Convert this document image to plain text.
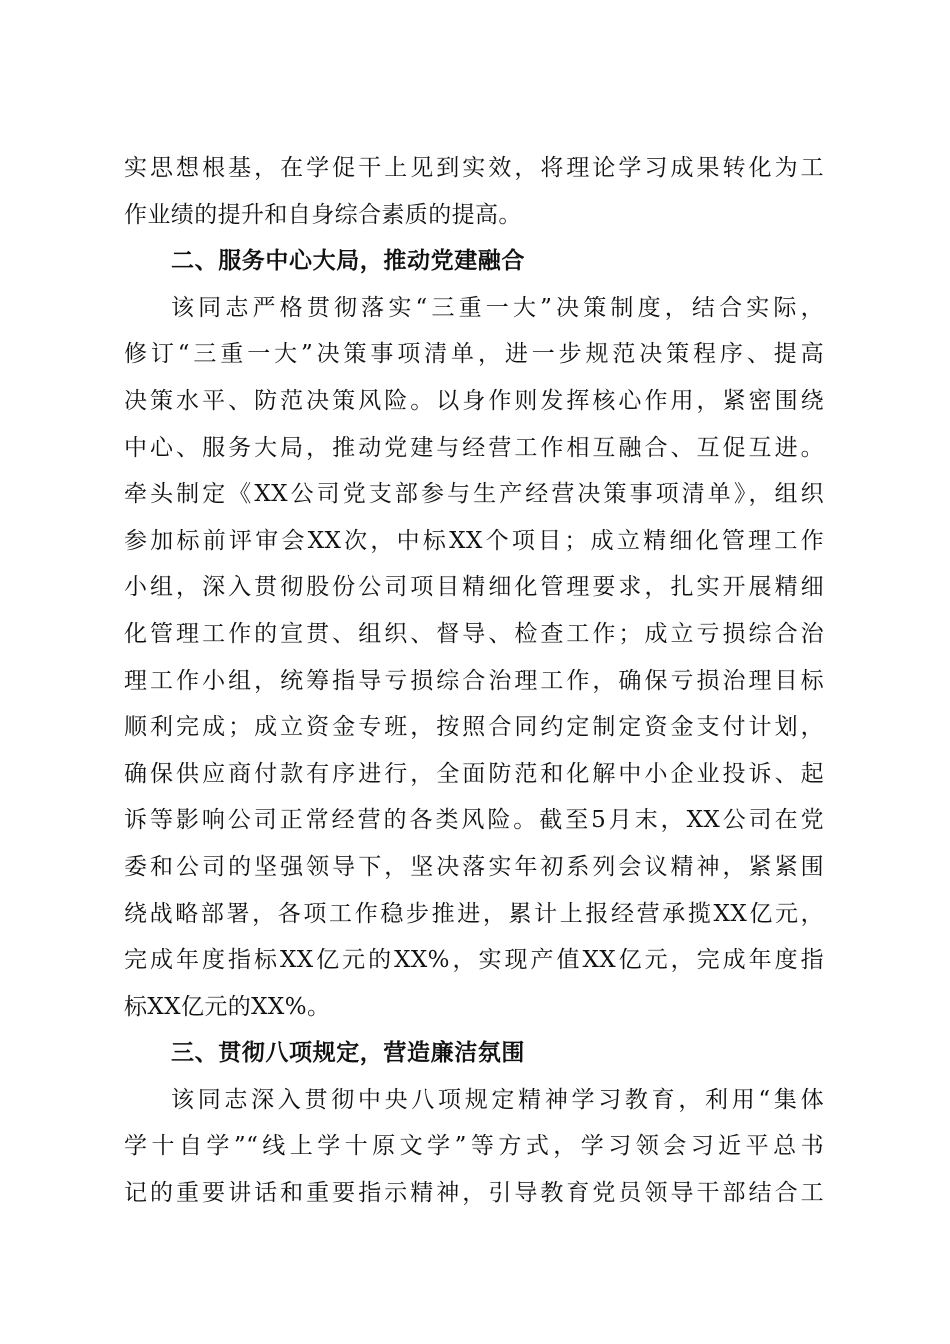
实思想根基，在学促干上见到实效，将理论学习成果转化为工
作业绩的提升和自身综合素质的提高。
二、服务中心大局，推动党建融合
该同志严格贯彻落实“三重一大”决策制度，结合实际，
修订“三重一大”决策事项清单，进一步规范决策程序、提高
决策水平、防范决策风险。以身作则发挥核心作用，紧密围绕
中心、服务大局，推动党建与经营工作相互融合、互促互进。
牵头制定《XX公司党支部参与生产经营决策事项清单》，组织
参加标前评审会XX次，中标XX个项目；成立精细化管理工作
小组，深入贯彻股份公司项目精细化管理要求，扎实开展精细
化管理工作的宣贯、组织、督导、检查工作；成立亏损综合治
理工作小组，统筹指导亏损综合治理工作，确保亏损治理目标
顺利完成；成立资金专班，按照合同约定制定资金支付计划，
确保供应商付款有序进行，全面防范和化解中小企业投诉、起
诉等影响公司正常经营的各类风险。截至5月末，XX公司在党
委和公司的坚强领导下，坚决落实年初系列会议精神，紧紧围
绕战略部署，各项工作稳步推进，累计上报经营承揽XX亿元，
完成年度指标XX亿元的XX%，实现产值XX亿元，完成年度指
标XX亿元的XX%。
三、贯彻八项规定，营造廉洁氛围
该同志深入贯彻中央八项规定精神学习教育，利用“集体
学十自学”“线上学十原文学”等方式，学习领会习近平总书
记的重要讲话和重要指示精神，引导教育党员领导干部结合工
